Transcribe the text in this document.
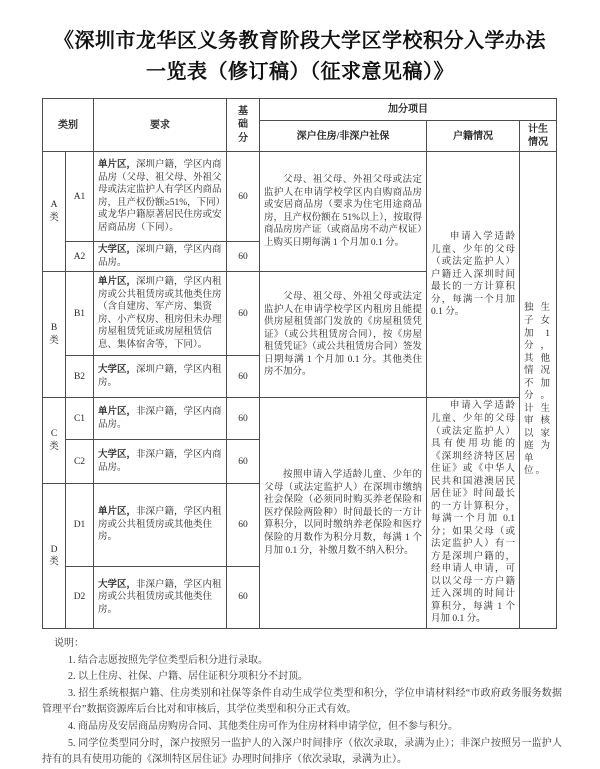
《深圳市龙华区义务教育阶段大学区学校积分入学办法一览表（修订稿）（征求意见稿）》
类别		要求	基础分	加分项目		
				深户住房/非深户社保	户籍情况	计生情况
A类	A1	单片区，深圳户籍，学区内商品房（父母、祖父母、外祖父母或法定监护人有学区内商品房，且产权份额≥51%，下同）或龙华户籍原著居民住房或安居商品房（下同）。	60	父母、祖父母、外祖父母或法定监护人在申请学校学区内自购商品房或安居商品房（要求为住宅用途商品房，且产权份额在 51%以上），按取得商品房房产证（或商品房不动产权证）上购买日期每满 1 个月加 0.1 分。	申请入学适龄儿童、少年的父母（或法定监护人）户籍迁入深圳时间最长的一方计算积分，每满一个月加 0.1 分。	独生子女加1分，其他情况不加分。计生审核以家庭为单位。
	A2	大学区，深圳户籍，学区内商品房。	60			
B类	B1	单片区，深圳户籍，学区内租房或公共租赁房或其他类住房（含自建房、军产房、集资房、小产权房、租房但未办理房屋租赁凭证或房屋租赁信息、集体宿舍等，下同）。	60	父母、祖父母、外祖父母或法定监护人在申请学校学区内租房且能提供房屋租赁部门发放的《房屋租赁凭证》（或公共租赁房合同），按《房屋租赁凭证》（或公共租赁房合同）签发日期每满 1 个月加 0.1 分。其他类住房不加分。		
	B2	大学区，深圳户籍，学区内租房。	60			
C类	C1	单片区，非深户籍，学区内商品房。	60	按照申请入学适龄儿童、少年的父母（或法定监护人）在深圳市缴纳社会保险（必须同时购买养老保险和医疗保险两险种）时间最长的一方计算积分，以同时缴纳养老保险和医疗保险的月数作为积分月数，每满 1 个月加 0.1 分，补缴月数不纳入积分。	申请入学适龄儿童、少年的父母（或法定监护人）具有使用功能的《深圳经济特区居住证》或《中华人民共和国港澳居民居住证》时间最长的一方计算积分，每满一个月加 0.1 分；如果父母（或法定监护人）有一方是深圳户籍的，经申请人申请，可以以父母一方户籍迁入深圳的时间计算积分，每满 1 个月加 0.1 分。	
	C2	大学区，非深户籍，学区内商品房。	60			
D类	D1	单片区，非深户籍，学区内租房或公共租赁房或其他类住房。	60			
	D2	大学区，非深户籍，学区内租房或公共租赁房或其他类住房。	60			

说明：

1. 结合志愿按照先学位类型后积分进行录取。

2. 以上住房、社保、户籍、居住证积分项积分不封顶。

3. 招生系统根据户籍、住房类别和社保等条件自动生成学位类型和积分，学位申请材料经“市政府政务服务数据管理平台”数据资源库后台比对和审核后，其学位类型和积分正式有效。

4. 商品房及安居商品房购房合同、其他类住房可作为住房材料申请学位，但不参与积分。

5. 同学位类型同分时，深户按照另一监护人的入深户时间排序（依次录取，录满为止）；非深户按照另一监护人持有的具有使用功能的《深圳特区居住证》办理时间排序（依次录取，录满为止）。
